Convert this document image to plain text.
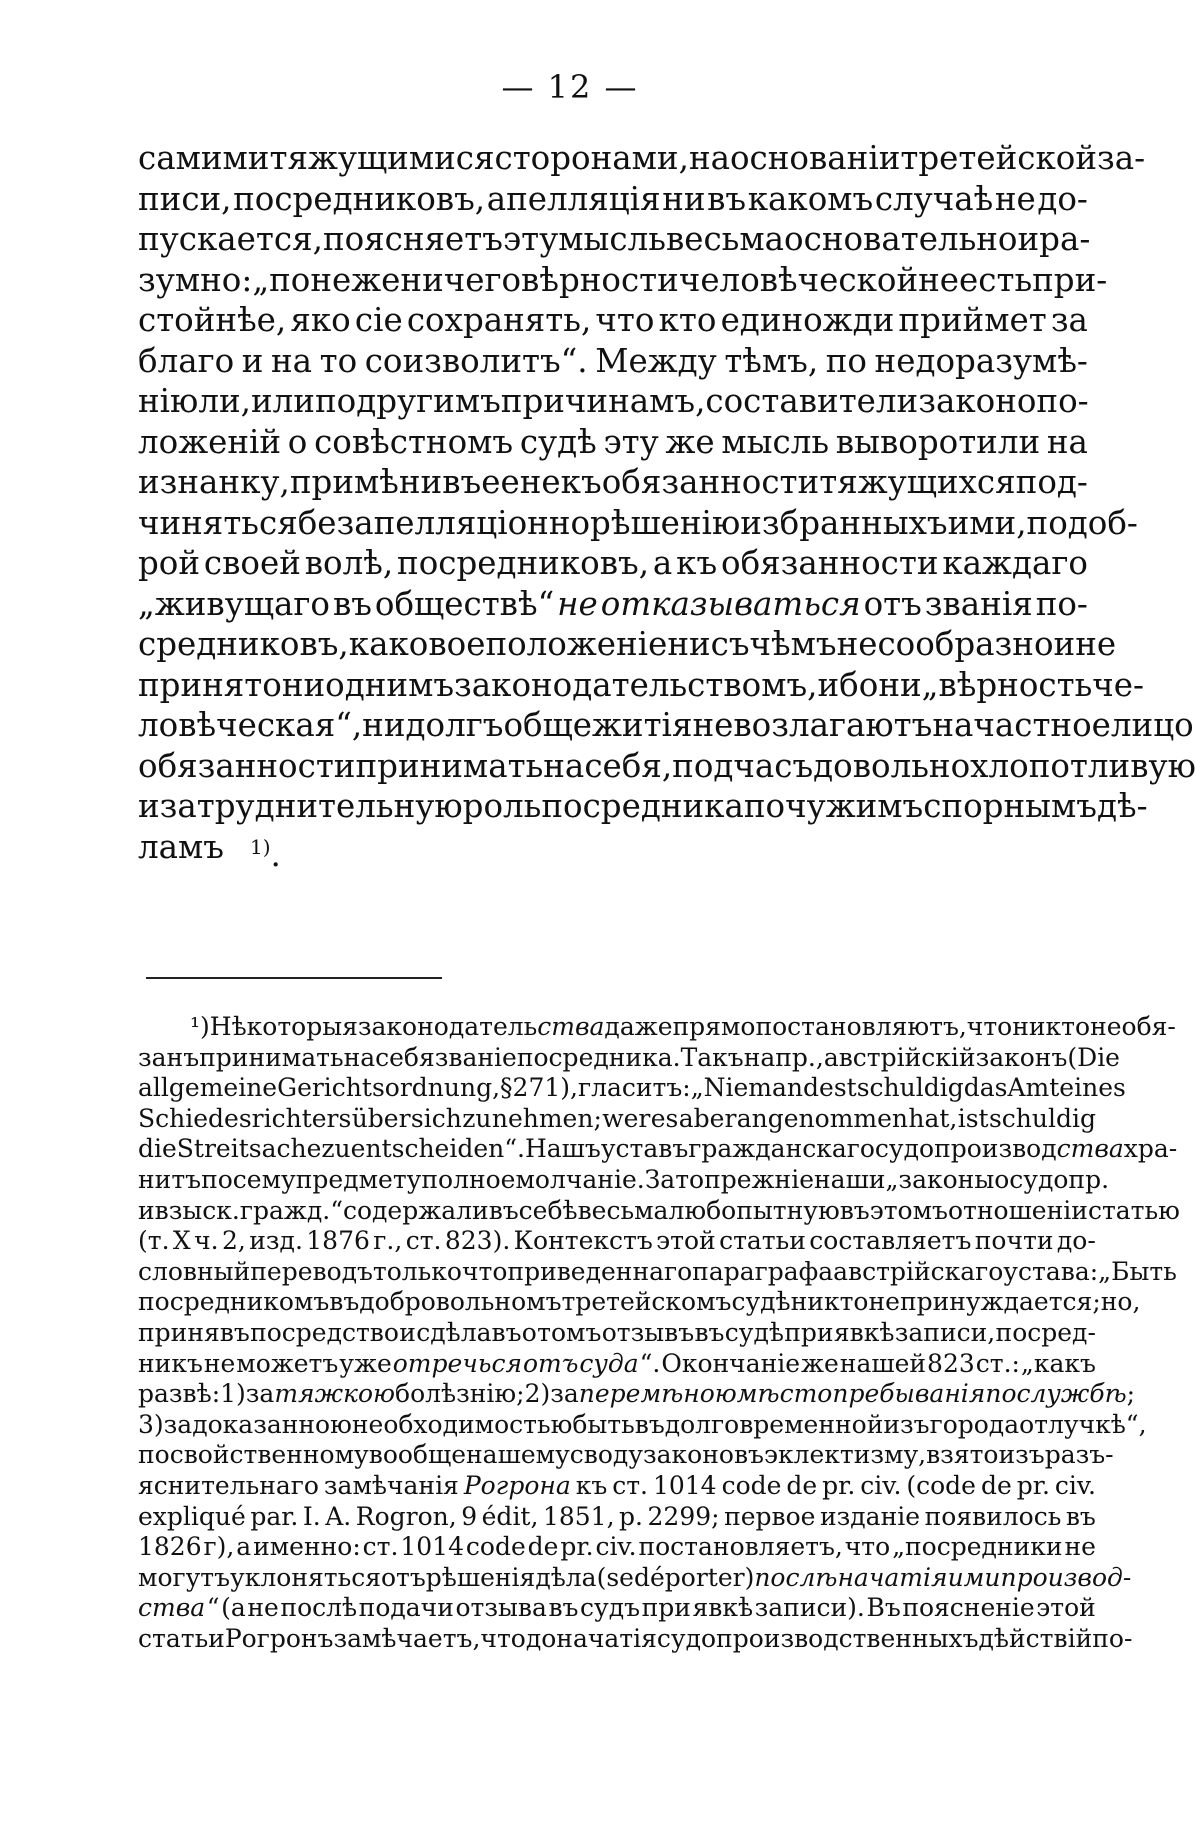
— 12 —
самими тяжущимися сторонами, на основаніи третейской за-
писи, посредниковъ, апелляція ни въ какомъ случаѣ не до-
пускается, поясняетъ эту мысль весьма основательно и ра-
зумно: „понеже ничего вѣрности человѣческой не есть при-
стойнѣе, яко сіе сохранять, что кто единожди приймет за
благо и на то соизволитъ“. Между тѣмъ, по недоразумѣ-
нію ли, или по другимъ причинамъ, составители законопо-
ложеній о совѣстномъ судѣ эту же мысль выворотили на
изнанку, примѣнивъ ее не къ обязанности тяжущихся под-
чиняться безапелляціонно рѣшенію избранныхъ ими, по доб-
рой своей волѣ, посредниковъ, а къ обязанности каждаго
„живущаго въ обществѣ“ не отказываться отъ званія по-
средниковъ, каковое положеніе ни съ чѣмъ несообразно и не
принято ни однимъ законодательствомъ, ибо ни „вѣрность че-
ловѣческая“, ни долгъ общежитія не возлагаютъ на частное лицо
обязанности принимать на себя, подчасъ довольно хлопотливую
и затруднительную роль посредника по чужимъ спорнымъ дѣ-
ламъ $^{1)}$.
¹) Нѣкоторыя законодатель ства даже прямо постановляютъ, что никто не обя-
занъ принимать на себя званіе посредника. Такъ напр., австрійскій законъ (Die
allgemeine Gerichtsordnung, § 271), гласитъ: „Niemand est schuldig das Amt eines
Schiedesrichters über sich zu nehmen; wer es aber angenommen hat, ist schuldig
die Streitsache zu entscheiden“. Нашъ уставъ гражданскаго судопроизвод ства хра-
нитъ по сему предмету полное молчаніе. За то прежніе наши „законы о судопр.
и взыск. гражд.“ содержали въ себѣ весьма любопытную въ этомъ отношеніи статью
(т. X ч. 2, изд. 1876 г., ст. 823). Контекстъ этой статьи составляетъ почти до-
словный переводъ только что приведеннаго параграфа австрійскаго устава: „Быть
посредникомъ въ добровольномъ третейскомъ судѣ никто не принуждается; но,
принявъ посредство и сдѣлавъ о томъ отзывъ въ судѣ при явкѣ записи, посред-
никъ не можетъ уже отречься отъ суда “. Окончаніе же нашей 823 ст.: „какъ
развѣ: 1) за тяжкою болѣзнію; 2) за перемѣною мѣстопребыванія по службѣ ;
3) за доказанною необходимостью быть въ долговременной изъ города отлучкѣ“,
по свойственному вообще нашему своду законовъ эклектизму, взято изъ разъ-
яснительнаго замѣчанія Рогрона къ ст. 1014 code de pr. civ. (code de pr. civ.
expliqué par. I. A. Rogron, 9 édit, 1851, p. 2299; первое изданіе появилось въ
1826 г), а именно: ст. 1014 code de pr. civ. постановляетъ, что „посредники не
могутъ уклоняться отъ рѣшенія дѣла (se déporter) послѣ начатія ими производ-
ства “ (а не послѣ подачи отзыва въ судъ при явкѣ записи). Въ поясненіе этой
статьи Рогронъ замѣчаетъ, что до начатія судопроизводственныхъ дѣйствій по-
